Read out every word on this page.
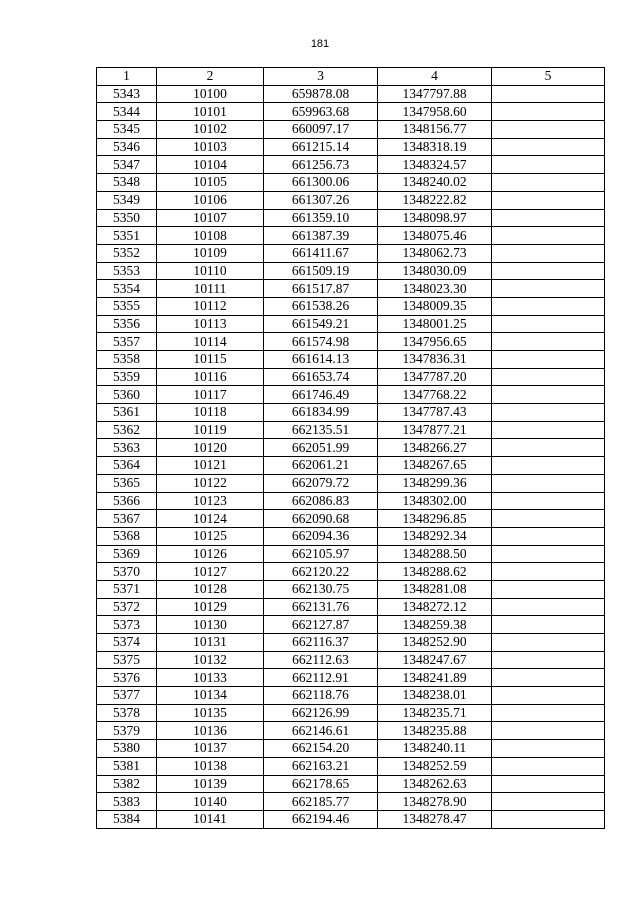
181
1	2	3	4	5
5343	10100	659878.08	1347797.88	
5344	10101	659963.68	1347958.60	
5345	10102	660097.17	1348156.77	
5346	10103	661215.14	1348318.19	
5347	10104	661256.73	1348324.57	
5348	10105	661300.06	1348240.02	
5349	10106	661307.26	1348222.82	
5350	10107	661359.10	1348098.97	
5351	10108	661387.39	1348075.46	
5352	10109	661411.67	1348062.73	
5353	10110	661509.19	1348030.09	
5354	10111	661517.87	1348023.30	
5355	10112	661538.26	1348009.35	
5356	10113	661549.21	1348001.25	
5357	10114	661574.98	1347956.65	
5358	10115	661614.13	1347836.31	
5359	10116	661653.74	1347787.20	
5360	10117	661746.49	1347768.22	
5361	10118	661834.99	1347787.43	
5362	10119	662135.51	1347877.21	
5363	10120	662051.99	1348266.27	
5364	10121	662061.21	1348267.65	
5365	10122	662079.72	1348299.36	
5366	10123	662086.83	1348302.00	
5367	10124	662090.68	1348296.85	
5368	10125	662094.36	1348292.34	
5369	10126	662105.97	1348288.50	
5370	10127	662120.22	1348288.62	
5371	10128	662130.75	1348281.08	
5372	10129	662131.76	1348272.12	
5373	10130	662127.87	1348259.38	
5374	10131	662116.37	1348252.90	
5375	10132	662112.63	1348247.67	
5376	10133	662112.91	1348241.89	
5377	10134	662118.76	1348238.01	
5378	10135	662126.99	1348235.71	
5379	10136	662146.61	1348235.88	
5380	10137	662154.20	1348240.11	
5381	10138	662163.21	1348252.59	
5382	10139	662178.65	1348262.63	
5383	10140	662185.77	1348278.90	
5384	10141	662194.46	1348278.47	
